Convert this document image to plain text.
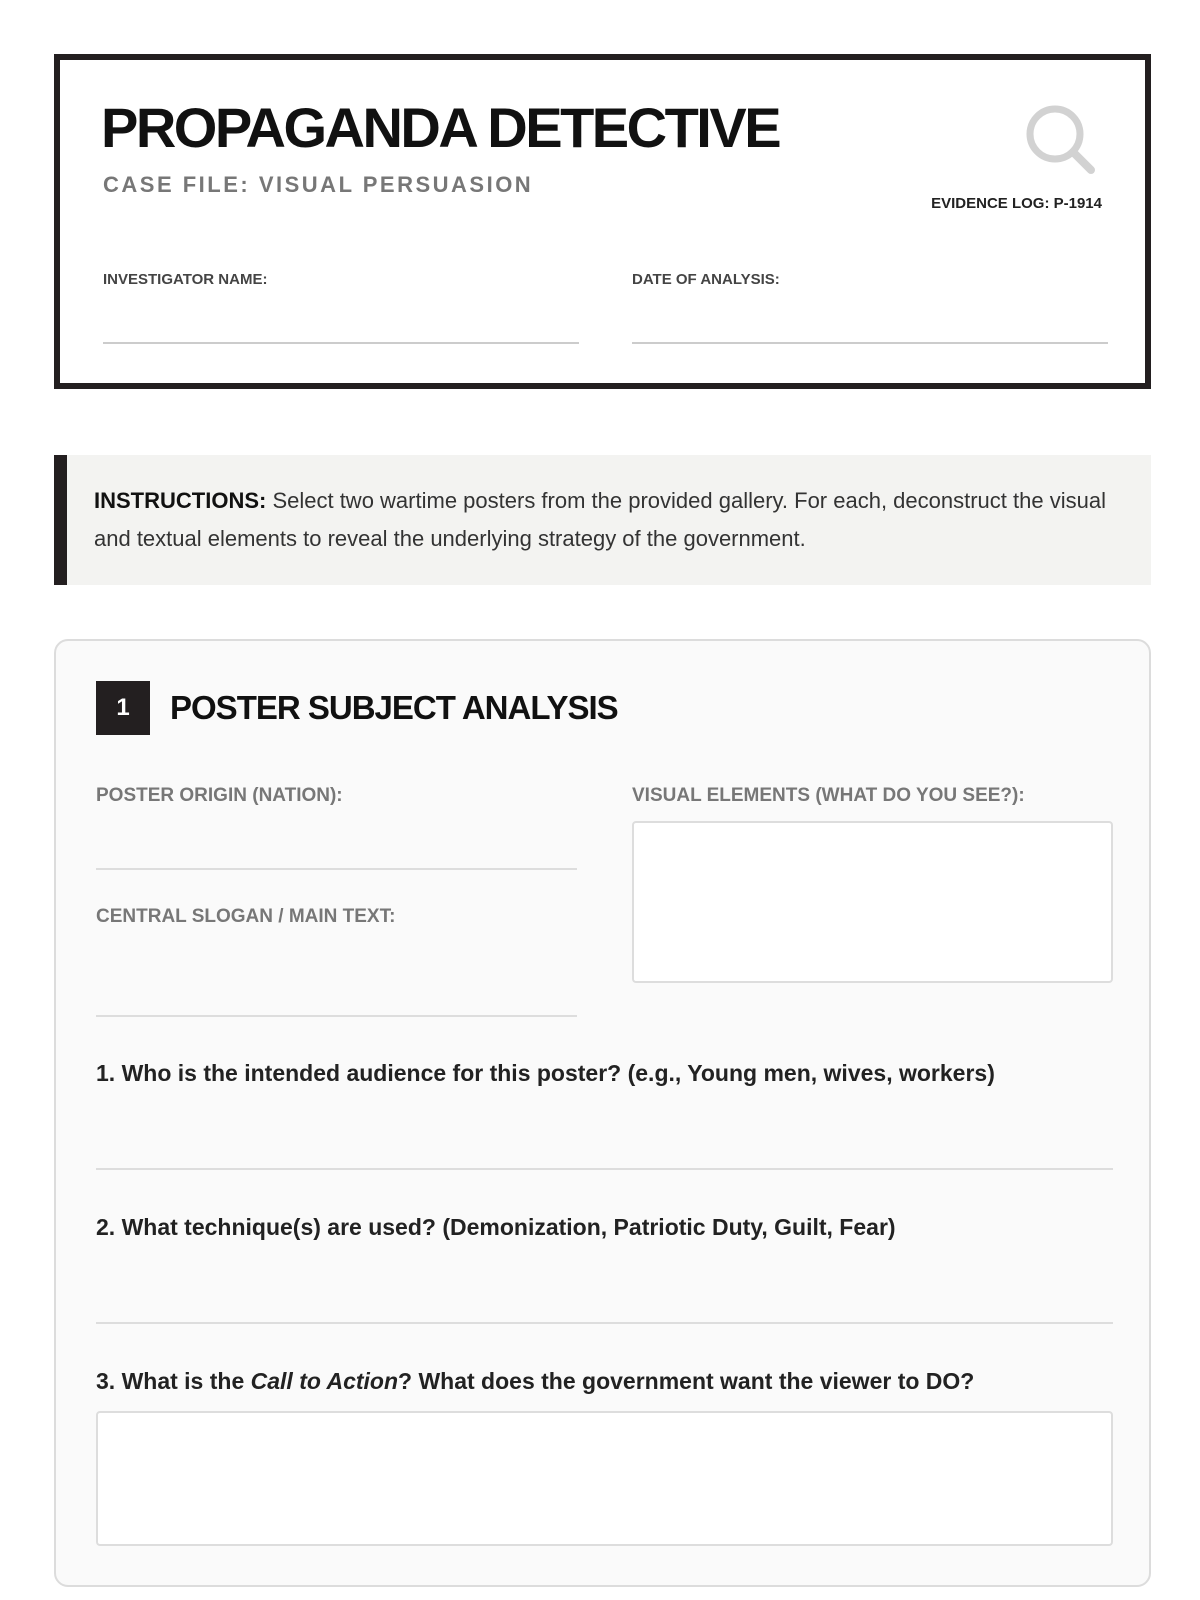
PROPAGANDA DETECTIVE
CASE FILE: VISUAL PERSUASION
EVIDENCE LOG: P-1914
INVESTIGATOR NAME:	DATE OF ANALYSIS:
INSTRUCTIONS: Select two wartime posters from the provided gallery. For each, deconstruct the visual and textual elements to reveal the underlying strategy of the government.
1	POSTER SUBJECT ANALYSIS
POSTER ORIGIN (NATION):
CENTRAL SLOGAN / MAIN TEXT:
VISUAL ELEMENTS (WHAT DO YOU SEE?):
1. Who is the intended audience for this poster? (e.g., Young men, wives, workers)
2. What technique(s) are used? (Demonization, Patriotic Duty, Guilt, Fear)
3. What is the Call to Action? What does the government want the viewer to DO?
